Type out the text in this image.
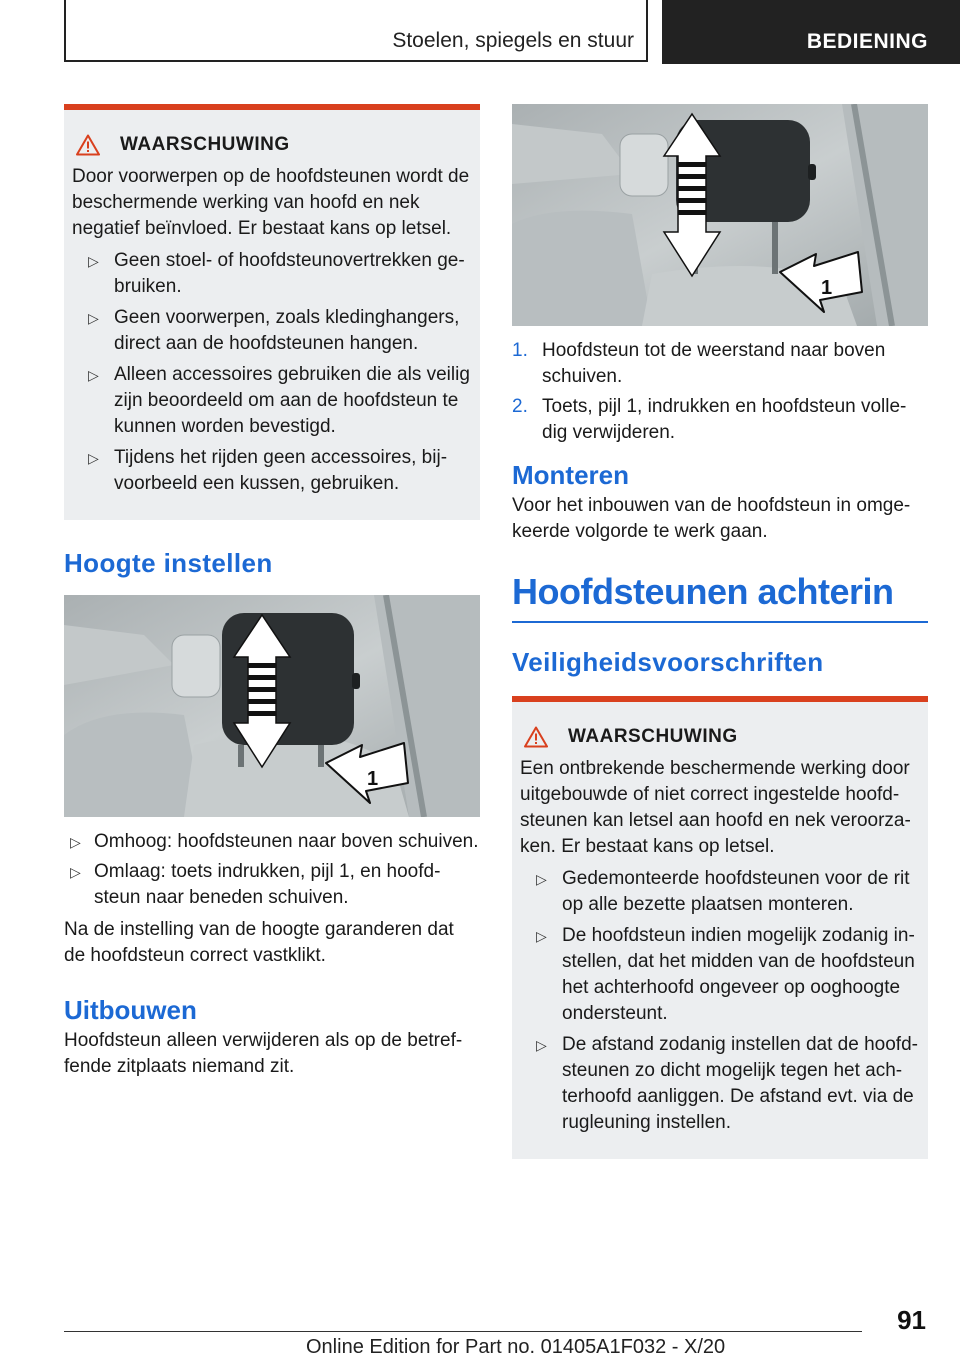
Stoelen, spiegels en stuur	BEDIENING
WAARSCHUWING
Door voorwerpen op de hoofdsteunen wordt de beschermende werking van hoofd en nek negatief beïnvloed. Er bestaat kans op letsel.
▷ Geen stoel- of hoofdsteunovertrekken ge-bruiken.
▷ Geen voorwerpen, zoals kledinghangers, direct aan de hoofdsteunen hangen.
▷ Alleen accessoires gebruiken die als veilig zijn beoordeeld om aan de hoofdsteun te kunnen worden bevestigd.
▷ Tijdens het rijden geen accessoires, bij-voorbeeld een kussen, gebruiken.
Hoogte instellen
1
▷ Omhoog: hoofdsteunen naar boven schuiven.
▷ Omlaag: toets indrukken, pijl 1, en hoofd-steun naar beneden schuiven.
Na de instelling van de hoogte garanderen dat de hoofdsteun correct vastklikt.
Uitbouwen
Hoofdsteun alleen verwijderen als op de betref-fende zitplaats niemand zit.
1
1. Hoofdsteun tot de weerstand naar boven schuiven.
2. Toets, pijl 1, indrukken en hoofdsteun volle-dig verwijderen.
Monteren
Voor het inbouwen van de hoofdsteun in omge-keerde volgorde te werk gaan.
Hoofdsteunen achterin
Veiligheidsvoorschriften
WAARSCHUWING
Een ontbrekende beschermende werking door uitgebouwde of niet correct ingestelde hoofd-steunen kan letsel aan hoofd en nek veroorza-ken. Er bestaat kans op letsel.
▷ Gedemonteerde hoofdsteunen voor de rit op alle bezette plaatsen monteren.
▷ De hoofdsteun indien mogelijk zodanig in-stellen, dat het midden van de hoofdsteun het achterhoofd ongeveer op ooghoogte ondersteunt.
▷ De afstand zodanig instellen dat de hoofd-steunen zo dicht mogelijk tegen het ach-terhoofd aanliggen. De afstand evt. via de rugleuning instellen.
91
Online Edition for Part no. 01405A1F032 - X/20
